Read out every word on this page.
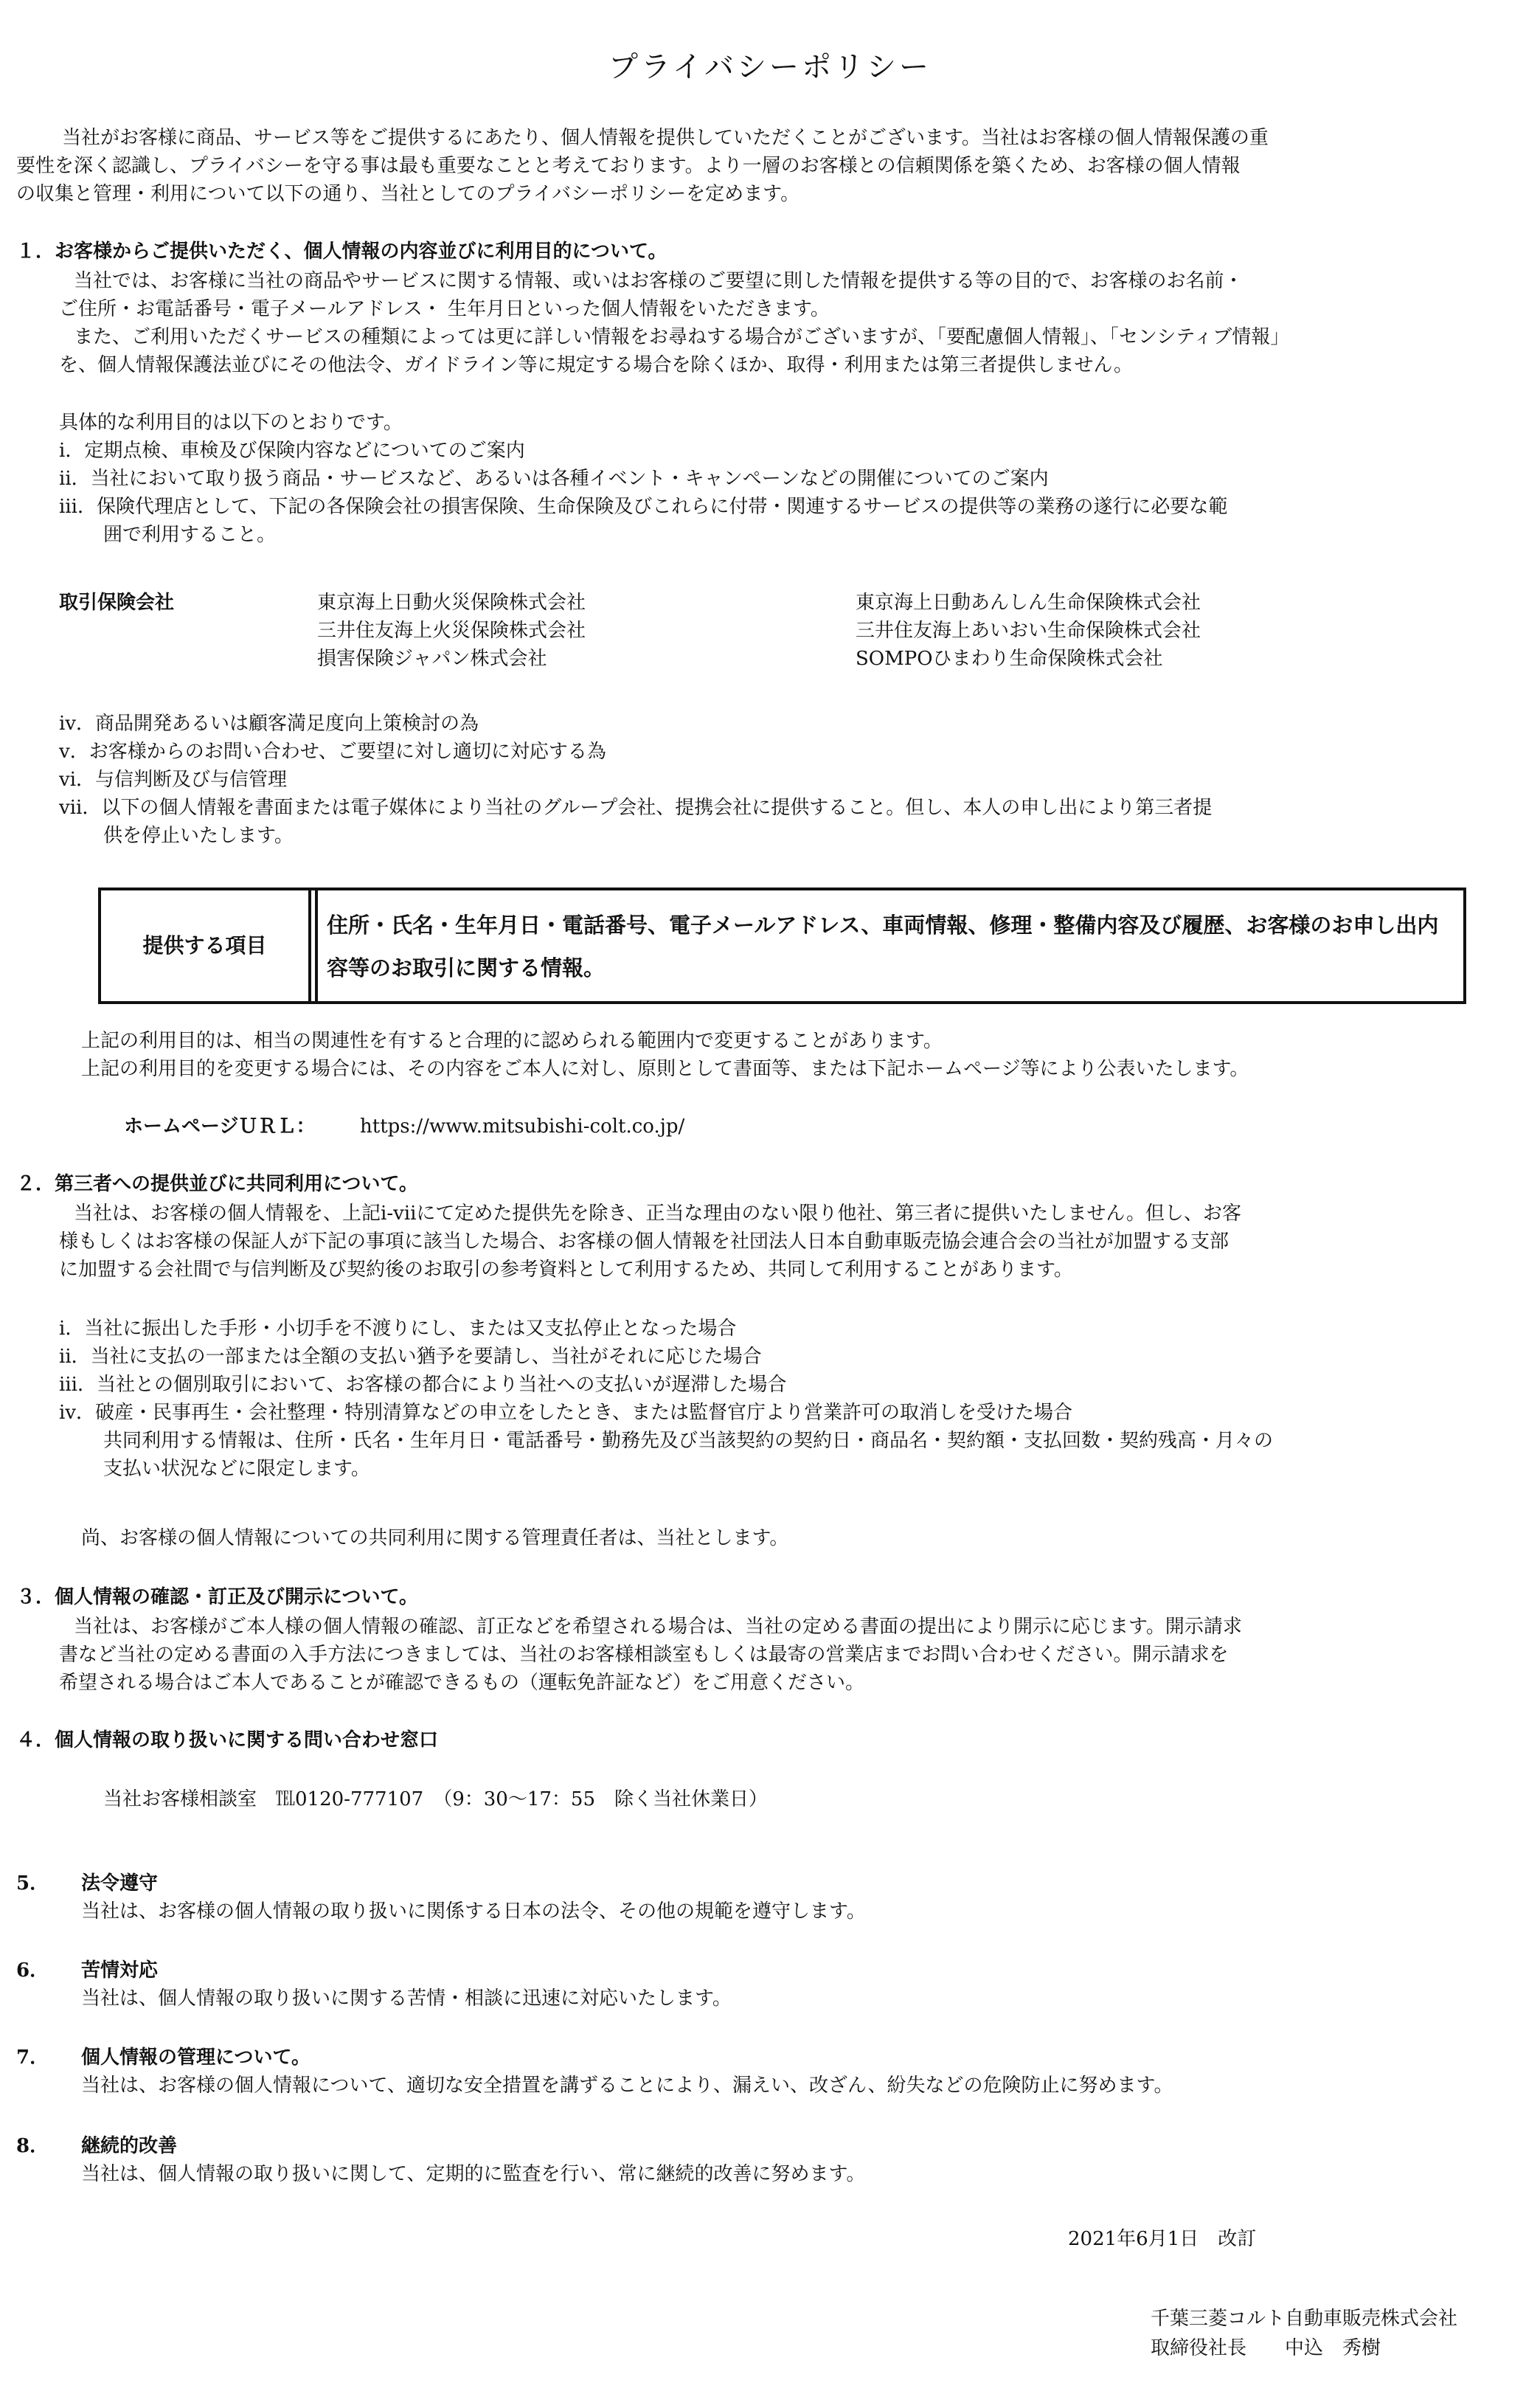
プライバシーポリシー
当社がお客様に商品、サービス等をご提供するにあたり、個人情報を提供していただくことがございます。当社はお客様の個人情報保護の重
要性を深く認識し、プライバシーを守る事は最も重要なことと考えております。より一層のお客様との信頼関係を築くため、お客様の個人情報
の収集と管理・利用について以下の通り、当社としてのプライバシーポリシーを定めます。
１．お客様からご提供いただく、個人情報の内容並びに利用目的について。
当社では、お客様に当社の商品やサービスに関する情報、或いはお客様のご要望に則した情報を提供する等の目的で、お客様のお名前・
ご住所・お電話番号・電子メールアドレス・ 生年月日といった個人情報をいただきます。
また、ご利用いただくサービスの種類によっては更に詳しい情報をお尋ねする場合がございますが、「要配慮個人情報」、「センシティブ情報」
を、個人情報保護法並びにその他法令、ガイドライン等に規定する場合を除くほか、取得・利用または第三者提供しません。
具体的な利用目的は以下のとおりです。
ⅰ．定期点検、車検及び保険内容などについてのご案内
ⅱ．当社において取り扱う商品・サービスなど、あるいは各種イベント・キャンペーンなどの開催についてのご案内
ⅲ．保険代理店として、下記の各保険会社の損害保険、生命保険及びこれらに付帯・関連するサービスの提供等の業務の遂行に必要な範
囲で利用すること。
取引保険会社	東京海上日動火災保険株式会社
三井住友海上火災保険株式会社
損害保険ジャパン株式会社
東京海上日動あんしん生命保険株式会社
三井住友海上あいおい生命保険株式会社
SOMPOひまわり生命保険株式会社
ⅳ．商品開発あるいは顧客満足度向上策検討の為
ⅴ．お客様からのお問い合わせ、ご要望に対し適切に対応する為
ⅵ．与信判断及び与信管理
ⅶ．以下の個人情報を書面または電子媒体により当社のグループ会社、提携会社に提供すること。但し、本人の申し出により第三者提
供を停止いたします。
提供する項目
住所・氏名・生年月日・電話番号、電子メールアドレス、車両情報、修理・整備内容及び履歴、お客様のお申し出内容等のお取引に関する情報。
上記の利用目的は、相当の関連性を有すると合理的に認められる範囲内で変更することがあります。
上記の利用目的を変更する場合には、その内容をご本人に対し、原則として書面等、または下記ホームページ等により公表いたします。
ホームページＵＲＬ： https://www.mitsubishi-colt.co.jp/
２．第三者への提供並びに共同利用について。
当社は、お客様の個人情報を、上記ⅰ-ⅶにて定めた提供先を除き、正当な理由のない限り他社、第三者に提供いたしません。但し、お客
様もしくはお客様の保証人が下記の事項に該当した場合、お客様の個人情報を社団法人日本自動車販売協会連合会の当社が加盟する支部
に加盟する会社間で与信判断及び契約後のお取引の参考資料として利用するため、共同して利用することがあります。
ⅰ．当社に振出した手形・小切手を不渡りにし、または又支払停止となった場合
ⅱ．当社に支払の一部または全額の支払い猶予を要請し、当社がそれに応じた場合
ⅲ．当社との個別取引において、お客様の都合により当社への支払いが遅滞した場合
ⅳ．破産・民事再生・会社整理・特別清算などの申立をしたとき、または監督官庁より営業許可の取消しを受けた場合
共同利用する情報は、住所・氏名・生年月日・電話番号・勤務先及び当該契約の契約日・商品名・契約額・支払回数・契約残高・月々の
支払い状況などに限定します。
尚、お客様の個人情報についての共同利用に関する管理責任者は、当社とします。
３．個人情報の確認・訂正及び開示について。
当社は、お客様がご本人様の個人情報の確認、訂正などを希望される場合は、当社の定める書面の提出により開示に応じます。開示請求
書など当社の定める書面の入手方法につきましては、当社のお客様相談室もしくは最寄の営業店までお問い合わせください。開示請求を
希望される場合はご本人であることが確認できるもの（運転免許証など）をご用意ください。
４．個人情報の取り扱いに関する問い合わせ窓口
当社お客様相談室　℡0120-777107　（9：30～17：55　除く当社休業日）
5． 法令遵守
当社は、お客様の個人情報の取り扱いに関係する日本の法令、その他の規範を遵守します。
6． 苦情対応
当社は、個人情報の取り扱いに関する苦情・相談に迅速に対応いたします。
7． 個人情報の管理について。
当社は、お客様の個人情報について、適切な安全措置を講ずることにより、漏えい、改ざん、紛失などの危険防止に努めます。
8． 継続的改善
当社は、個人情報の取り扱いに関して、定期的に監査を行い、常に継続的改善に努めます。
2021年6月1日　改訂
千葉三菱コルト自動車販売株式会社
取締役社長　　中込　秀樹
